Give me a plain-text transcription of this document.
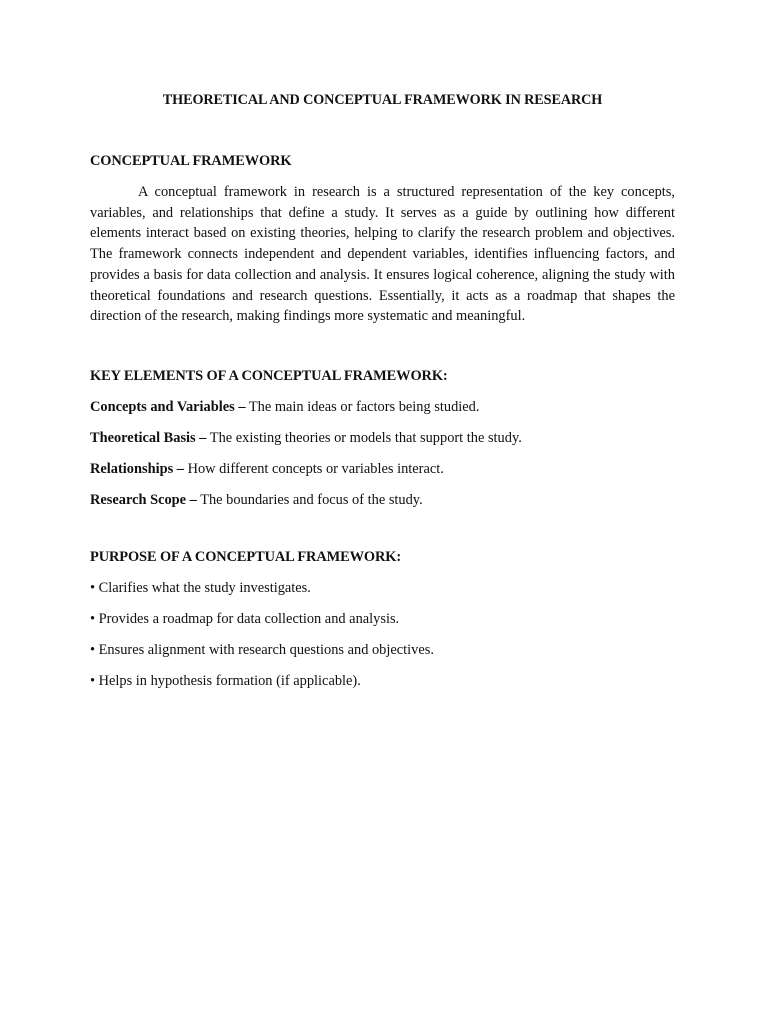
THEORETICAL AND CONCEPTUAL FRAMEWORK IN RESEARCH
CONCEPTUAL FRAMEWORK

A conceptual framework in research is a structured representation of the key concepts, variables, and relationships that define a study. It serves as a guide by outlining how different elements interact based on existing theories, helping to clarify the research problem and objectives. The framework connects independent and dependent variables, identifies influencing factors, and provides a basis for data collection and analysis. It ensures logical coherence, aligning the study with theoretical foundations and research questions. Essentially, it acts as a roadmap that shapes the direction of the research, making findings more systematic and meaningful.

KEY ELEMENTS OF A CONCEPTUAL FRAMEWORK:

Concepts and Variables – The main ideas or factors being studied.

Theoretical Basis – The existing theories or models that support the study.

Relationships – How different concepts or variables interact.

Research Scope – The boundaries and focus of the study.

PURPOSE OF A CONCEPTUAL FRAMEWORK:

• Clarifies what the study investigates.

• Provides a roadmap for data collection and analysis.

• Ensures alignment with research questions and objectives.

• Helps in hypothesis formation (if applicable).
